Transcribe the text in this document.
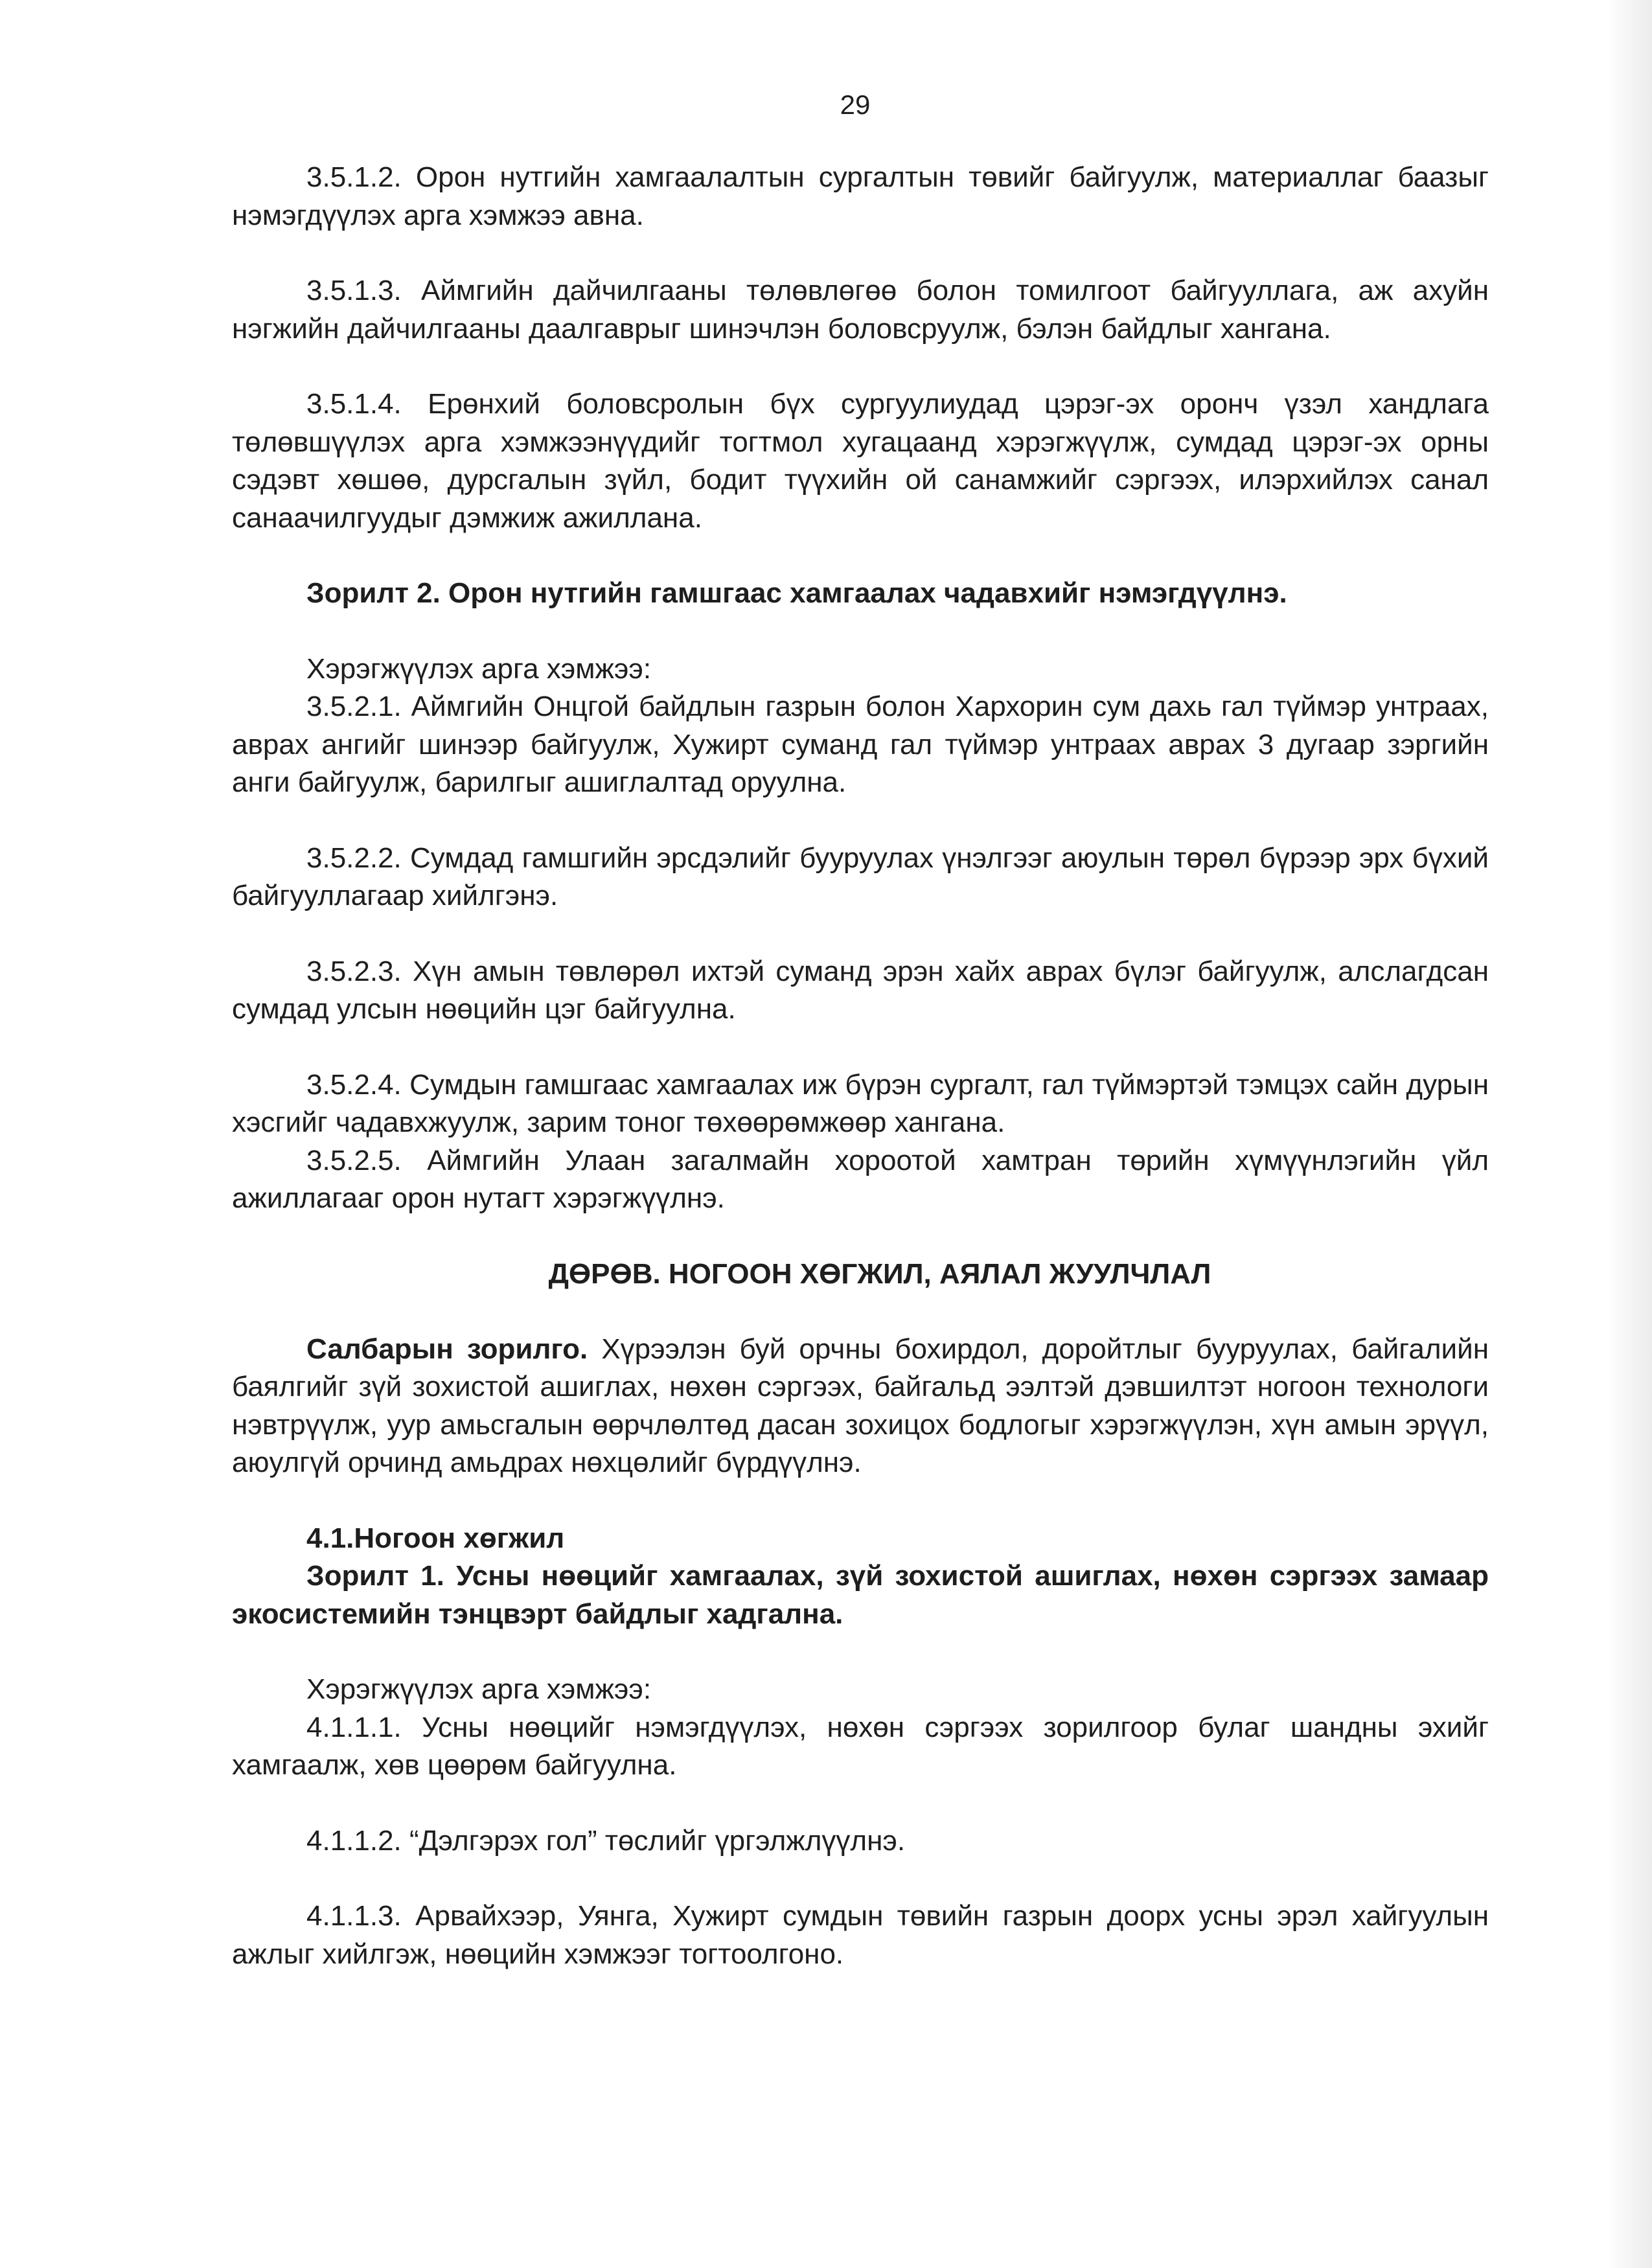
29

3.5.1.2. Орон нутгийн хамгаалалтын сургалтын төвийг байгуулж, материаллаг баазыг нэмэгдүүлэх арга хэмжээ авна.

3.5.1.3. Аймгийн дайчилгааны төлөвлөгөө болон томилгоот байгууллага, аж ахуйн нэгжийн дайчилгааны даалгаврыг шинэчлэн боловсруулж, бэлэн байдлыг хангана.

3.5.1.4. Ерөнхий боловсролын бүх сургуулиудад цэрэг-эх оронч үзэл хандлага төлөвшүүлэх арга хэмжээнүүдийг тогтмол хугацаанд хэрэгжүүлж, сумдад цэрэг-эх орны сэдэвт хөшөө, дурсгалын зүйл, бодит түүхийн ой санамжийг сэргээх, илэрхийлэх санал санаачилгуудыг дэмжиж ажиллана.

Зорилт 2. Орон нутгийн гамшгаас хамгаалах чадавхийг нэмэгдүүлнэ.

Хэрэгжүүлэх арга хэмжээ:

3.5.2.1. Аймгийн Онцгой байдлын газрын болон Хархорин сум дахь гал түймэр унтраах, аврах ангийг шинээр байгуулж, Хужирт суманд гал түймэр унтраах аврах 3 дугаар зэргийн анги байгуулж, барилгыг ашиглалтад оруулна.

3.5.2.2. Сумдад гамшгийн эрсдэлийг бууруулах үнэлгээг аюулын төрөл бүрээр эрх бүхий байгууллагаар хийлгэнэ.

3.5.2.3. Хүн амын төвлөрөл ихтэй суманд эрэн хайх аврах бүлэг байгуулж, алслагдсан сумдад улсын нөөцийн цэг байгуулна.

3.5.2.4. Сумдын гамшгаас хамгаалах иж бүрэн сургалт, гал түймэртэй тэмцэх сайн дурын хэсгийг чадавхжуулж, зарим тоног төхөөрөмжөөр хангана.

3.5.2.5. Аймгийн Улаан загалмайн хороотой хамтран төрийн хүмүүнлэгийн үйл ажиллагааг орон нутагт хэрэгжүүлнэ.

ДӨРӨВ. НОГООН ХӨГЖИЛ, АЯЛАЛ ЖУУЛЧЛАЛ

Салбарын зорилго. Хүрээлэн буй орчны бохирдол, доройтлыг бууруулах, байгалийн баялгийг зүй зохистой ашиглах, нөхөн сэргээх, байгальд ээлтэй дэвшилтэт ногоон технологи нэвтрүүлж, уур амьсгалын өөрчлөлтөд дасан зохицох бодлогыг хэрэгжүүлэн, хүн амын эрүүл, аюулгүй орчинд амьдрах нөхцөлийг бүрдүүлнэ.

4.1.Ногоон хөгжил

Зорилт 1. Усны нөөцийг хамгаалах, зүй зохистой ашиглах, нөхөн сэргээх замаар экосистемийн тэнцвэрт байдлыг хадгална.

Хэрэгжүүлэх арга хэмжээ:

4.1.1.1. Усны нөөцийг нэмэгдүүлэх, нөхөн сэргээх зорилгоор булаг шандны эхийг хамгаалж, хөв цөөрөм байгуулна.

4.1.1.2. “Дэлгэрэх гол” төслийг үргэлжлүүлнэ.

4.1.1.3. Арвайхээр, Уянга, Хужирт сумдын төвийн газрын доорх усны эрэл хайгуулын ажлыг хийлгэж, нөөцийн хэмжээг тогтоолгоно.
